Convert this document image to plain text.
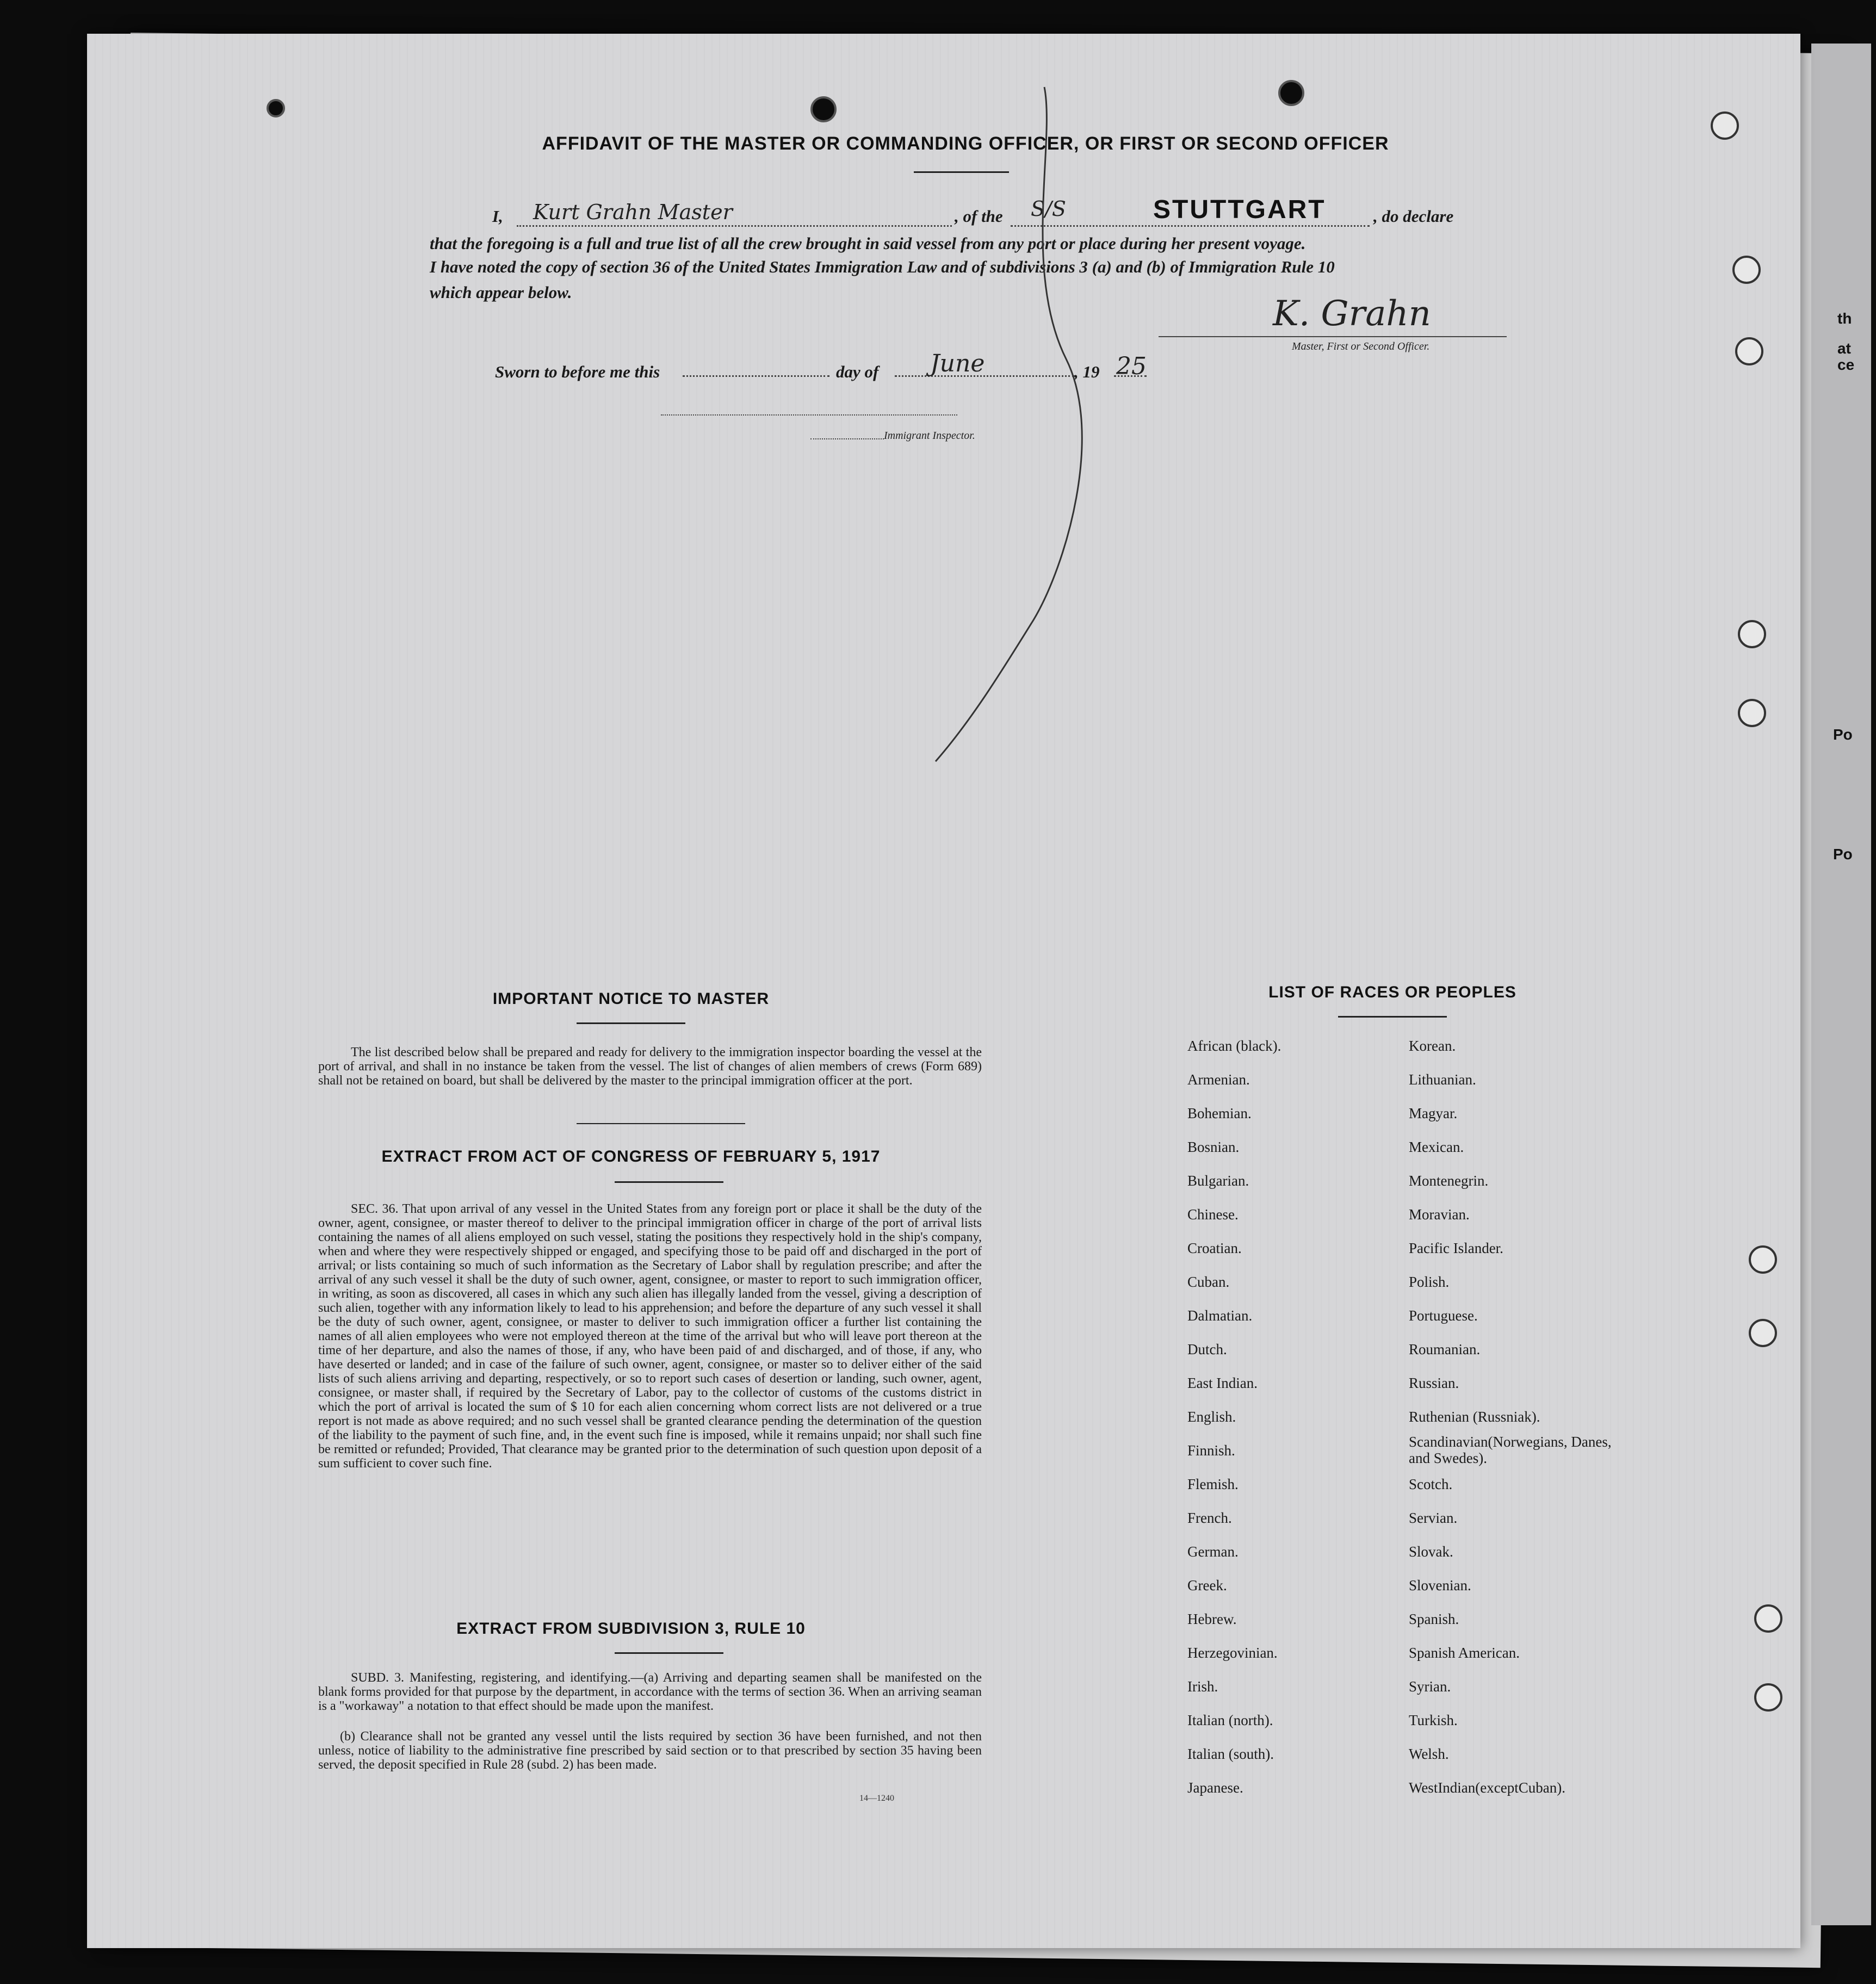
th
at
ce
Po
Po
AFFIDAVIT OF THE MASTER OR COMMANDING OFFICER, OR FIRST OR SECOND OFFICER
I, Kurt Grahn Master	, of the S/S	STUTTGART	, do declare
that the foregoing is a full and true list of all the crew brought in said vessel from any port or place during her present voyage.
I have noted the copy of section 36 of the United States Immigration Law and of subdivisions 3 (a) and (b) of Immigration Rule 10
which appear below.
K. Grahn
Master, First or Second Officer.
Sworn to before me this	day of June	, 19 25
Immigrant Inspector.
IMPORTANT NOTICE TO MASTER
The list described below shall be prepared and ready for delivery to the immigration inspector boarding the vessel at the port of arrival, and shall in no instance be taken from the vessel. The list of changes of alien members of crews (Form 689) shall not be retained on board, but shall be delivered by the master to the principal immigration officer at the port.
EXTRACT FROM ACT OF CONGRESS OF FEBRUARY 5, 1917
SEC. 36. That upon arrival of any vessel in the United States from any foreign port or place it shall be the duty of the owner, agent, consignee, or master thereof to deliver to the principal immigration officer in charge of the port of arrival lists containing the names of all aliens employed on such vessel, stating the positions they respectively hold in the ship's company, when and where they were respectively shipped or engaged, and specifying those to be paid off and discharged in the port of arrival; or lists containing so much of such information as the Secretary of Labor shall by regulation prescribe; and after the arrival of any such vessel it shall be the duty of such owner, agent, consignee, or master to report to such immigration officer, in writing, as soon as discovered, all cases in which any such alien has illegally landed from the vessel, giving a description of such alien, together with any information likely to lead to his apprehension; and before the departure of any such vessel it shall be the duty of such owner, agent, consignee, or master to deliver to such immigration officer a further list containing the names of all alien employees who were not employed thereon at the time of the arrival but who will leave port thereon at the time of her departure, and also the names of those, if any, who have been paid of and discharged, and of those, if any, who have deserted or landed; and in case of the failure of such owner, agent, consignee, or master so to deliver either of the said lists of such aliens arriving and departing, respectively, or so to report such cases of desertion or landing, such owner, agent, consignee, or master shall, if required by the Secretary of Labor, pay to the collector of customs of the customs district in which the port of arrival is located the sum of $ 10 for each alien concerning whom correct lists are not delivered or a true report is not made as above required; and no such vessel shall be granted clearance pending the determination of the question of the liability to the payment of such fine, and, in the event such fine is imposed, while it remains unpaid; nor shall such fine be remitted or refunded; Provided, That clearance may be granted prior to the determination of such question upon deposit of a sum sufficient to cover such fine.
EXTRACT FROM SUBDIVISION 3, RULE 10
SUBD. 3. Manifesting, registering, and identifying.—(a) Arriving and departing seamen shall be manifested on the blank forms provided for that purpose by the department, in accordance with the terms of section 36. When an arriving seaman is a "workaway" a notation to that effect should be made upon the manifest.
(b) Clearance shall not be granted any vessel until the lists required by section 36 have been furnished, and not then unless, notice of liability to the administrative fine prescribed by said section or to that prescribed by section 35 having been served, the deposit specified in Rule 28 (subd. 2) has been made.
14—1240
LIST OF RACES OR PEOPLES
African (black).
Armenian.
Bohemian.
Bosnian.
Bulgarian.
Chinese.
Croatian.
Cuban.
Dalmatian.
Dutch.
East Indian.
English.
Finnish.
Flemish.
French.
German.
Greek.
Hebrew.
Herzegovinian.
Irish.
Italian (north).
Italian (south).
Japanese.
Korean.
Lithuanian.
Magyar.
Mexican.
Montenegrin.
Moravian.
Pacific Islander.
Polish.
Portuguese.
Roumanian.
Russian.
Ruthenian (Russniak).
Scandinavian(Norwegians, Danes, and Swedes).
Scotch.
Servian.
Slovak.
Slovenian.
Spanish.
Spanish American.
Syrian.
Turkish.
Welsh.
WestIndian(exceptCuban).
